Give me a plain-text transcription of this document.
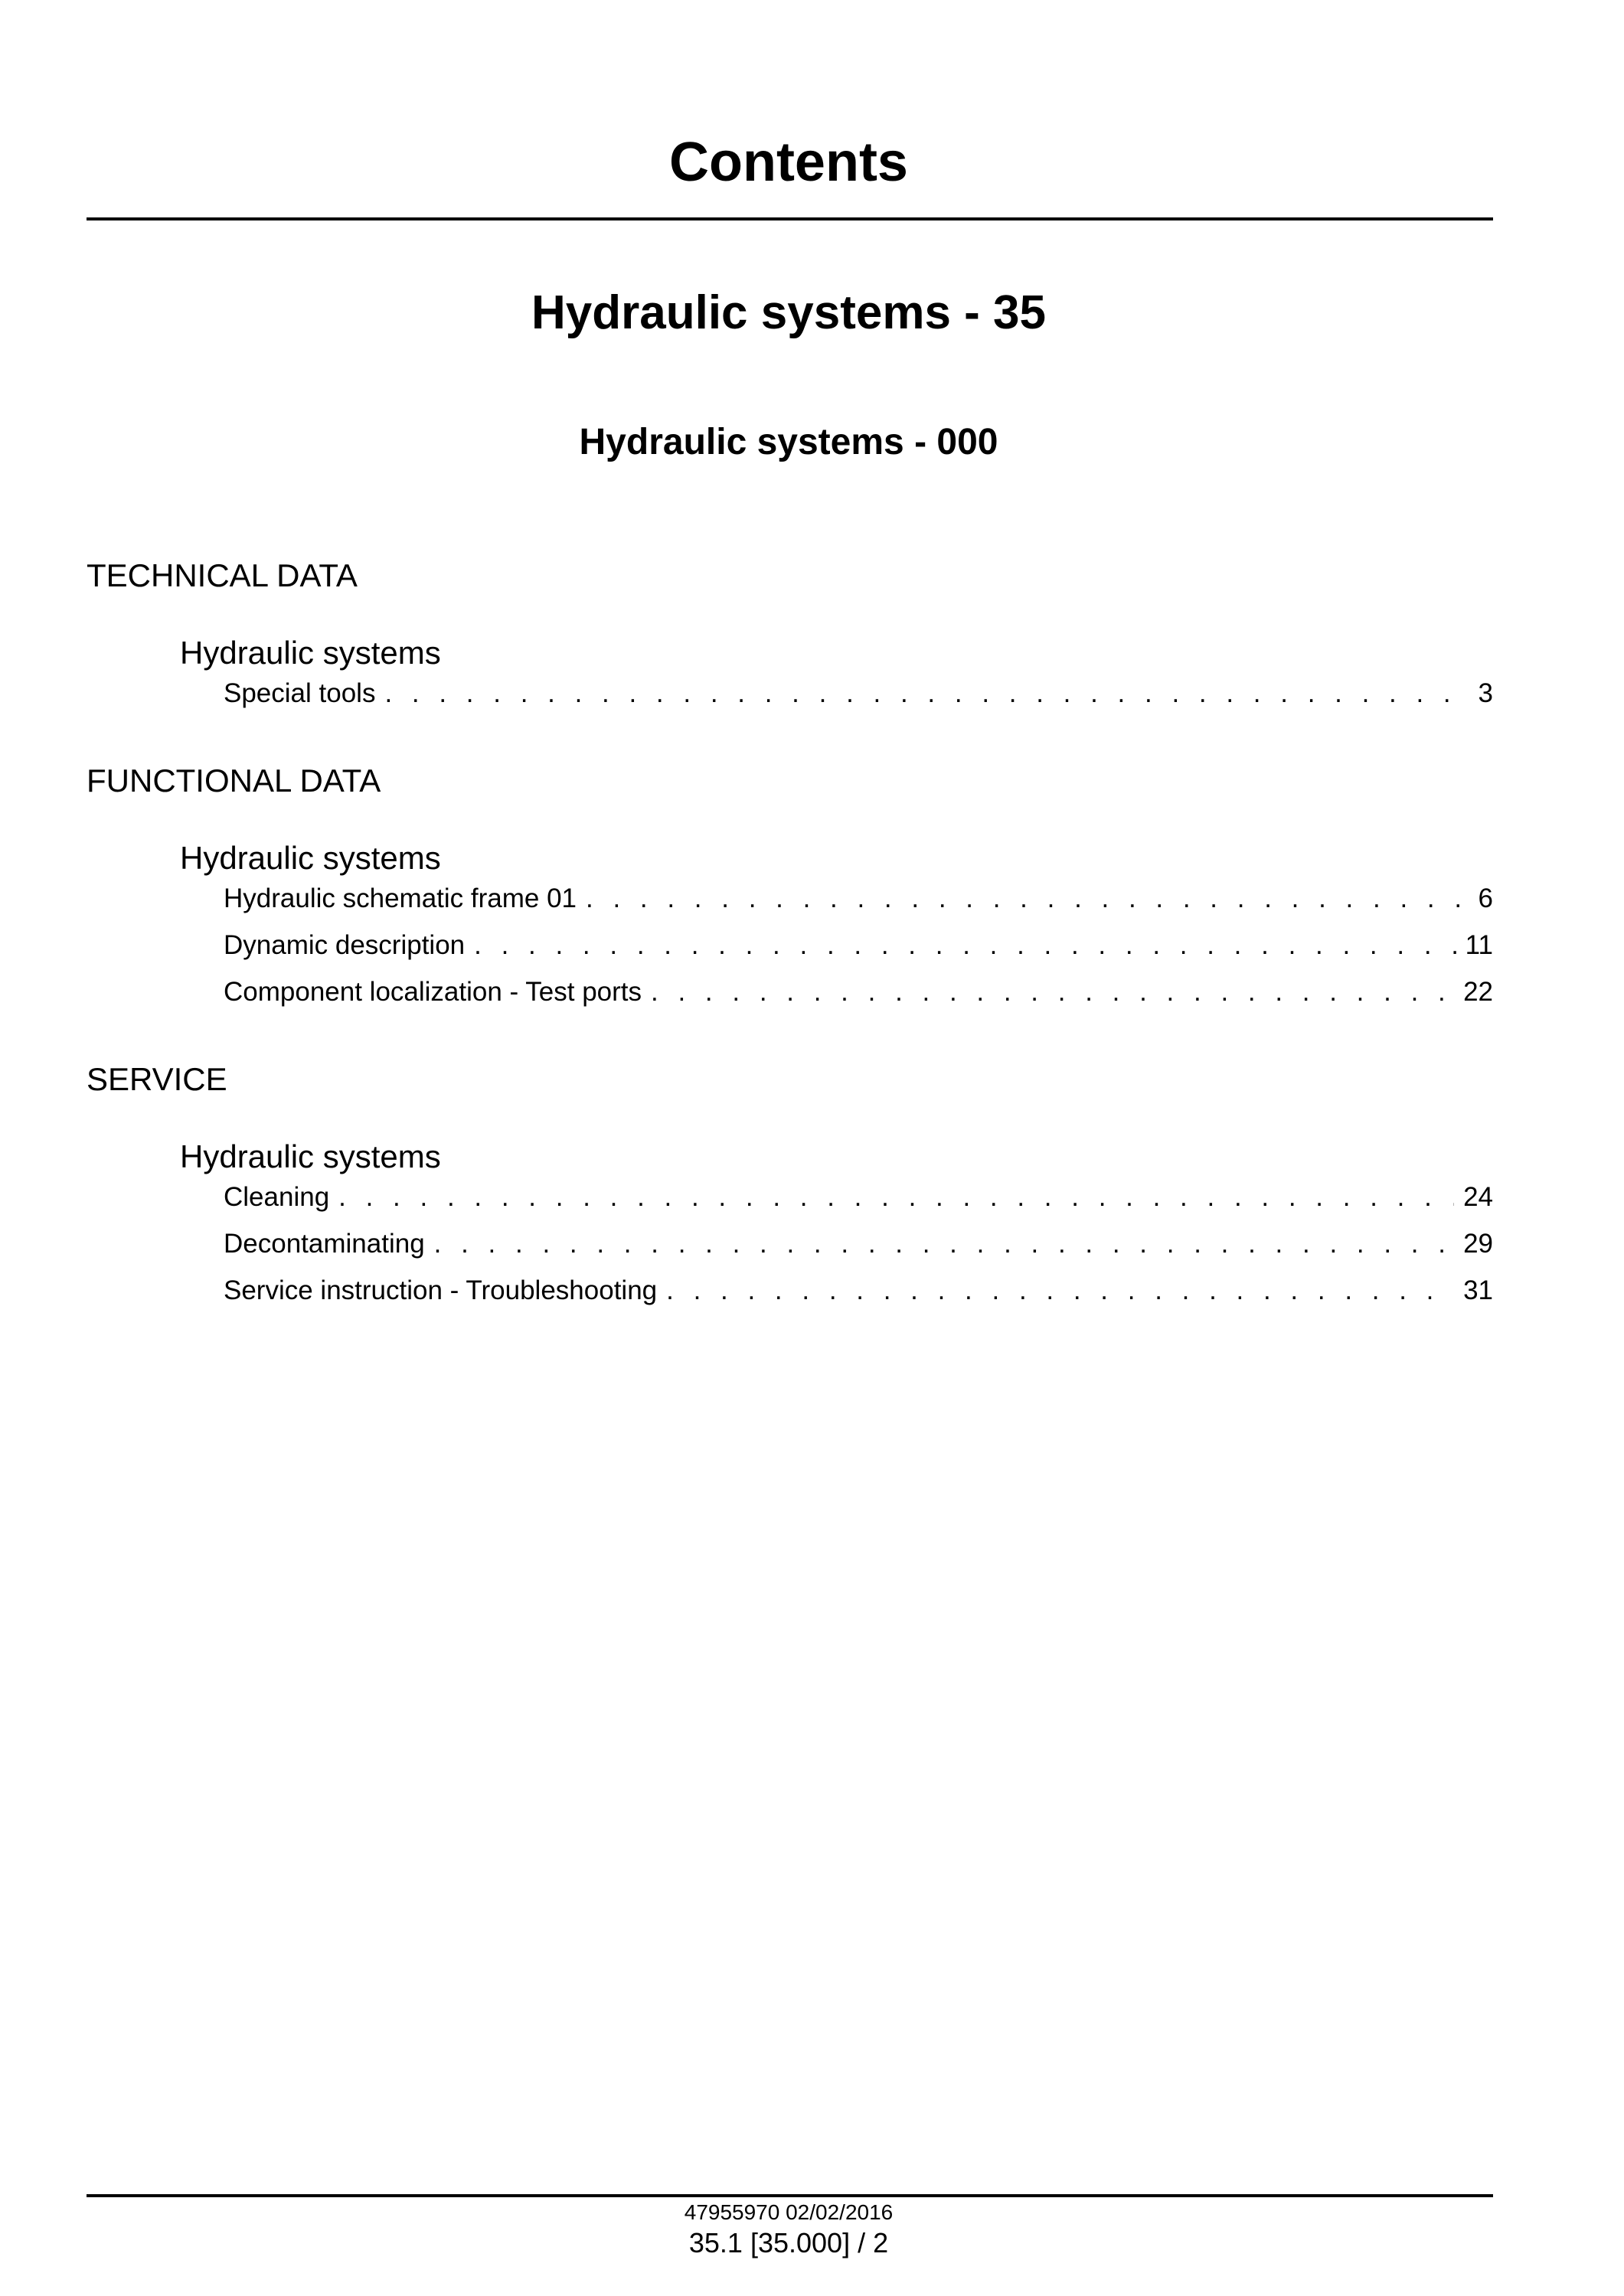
Contents
Hydraulic systems - 35
Hydraulic systems - 000
TECHNICAL DATA
Hydraulic systems
Special tools . . .	3
FUNCTIONAL DATA
Hydraulic systems
Hydraulic schematic frame 01 . . .	6
Dynamic description . . .	11
Component localization - Test ports . . .	22
SERVICE
Hydraulic systems
Cleaning . . .	24
Decontaminating . . .	29
Service instruction - Troubleshooting . . .	31
47955970 02/02/2016
35.1 [35.000] / 2
